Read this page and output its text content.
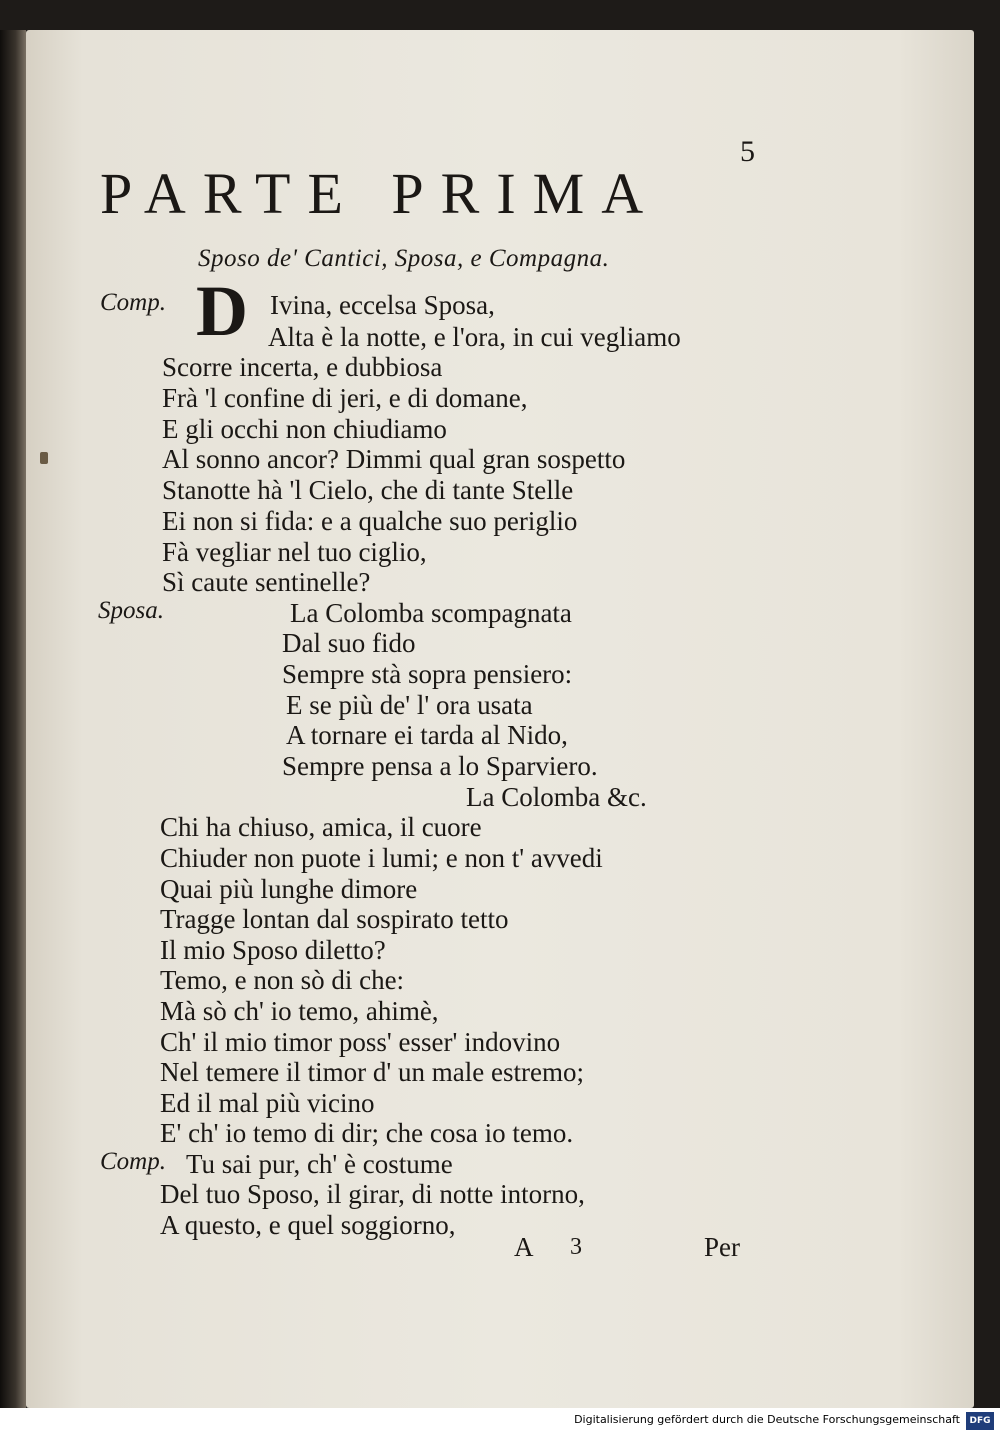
5
PARTE PRIMA
Sposo de' Cantici, Sposa, e Compagna.
D
Comp.	Ivina, eccelsa Sposa,
Alta è la notte, e l'ora, in cui vegliamo
Scorre incerta, e dubbiosa
Frà 'l confine di jeri, e di domane,
E gli occhi non chiudiamo
Al sonno ancor? Dimmi qual gran sospetto
Stanotte hà 'l Cielo, che di tante Stelle
Ei non si fida: e a qualche suo periglio
Fà vegliar nel tuo ciglio,
Sì caute sentinelle?
Sposa.	La Colomba scompagnata
Dal suo fido
Sempre stà sopra pensiero:
E se più de' l' ora usata
A tornare ei tarda al Nido,
Sempre pensa a lo Sparviero.
La Colomba &c.
Chi ha chiuso, amica, il cuore
Chiuder non puote i lumi; e non t' avvedi
Quai più lunghe dimore
Tragge lontan dal sospirato tetto
Il mio Sposo diletto?
Temo, e non sò di che:
Mà sò ch' io temo, ahimè,
Ch' il mio timor poss' esser' indovino
Nel temere il timor d' un male estremo;
Ed il mal più vicino
E' ch' io temo di dir; che cosa io temo.
Comp. Tu sai pur, ch' è costume
Del tuo Sposo, il girar, di notte intorno,
A questo, e quel soggiorno,
A 3	Per
Digitalisierung gefördert durch die Deutsche Forschungsgemeinschaft	DFG
